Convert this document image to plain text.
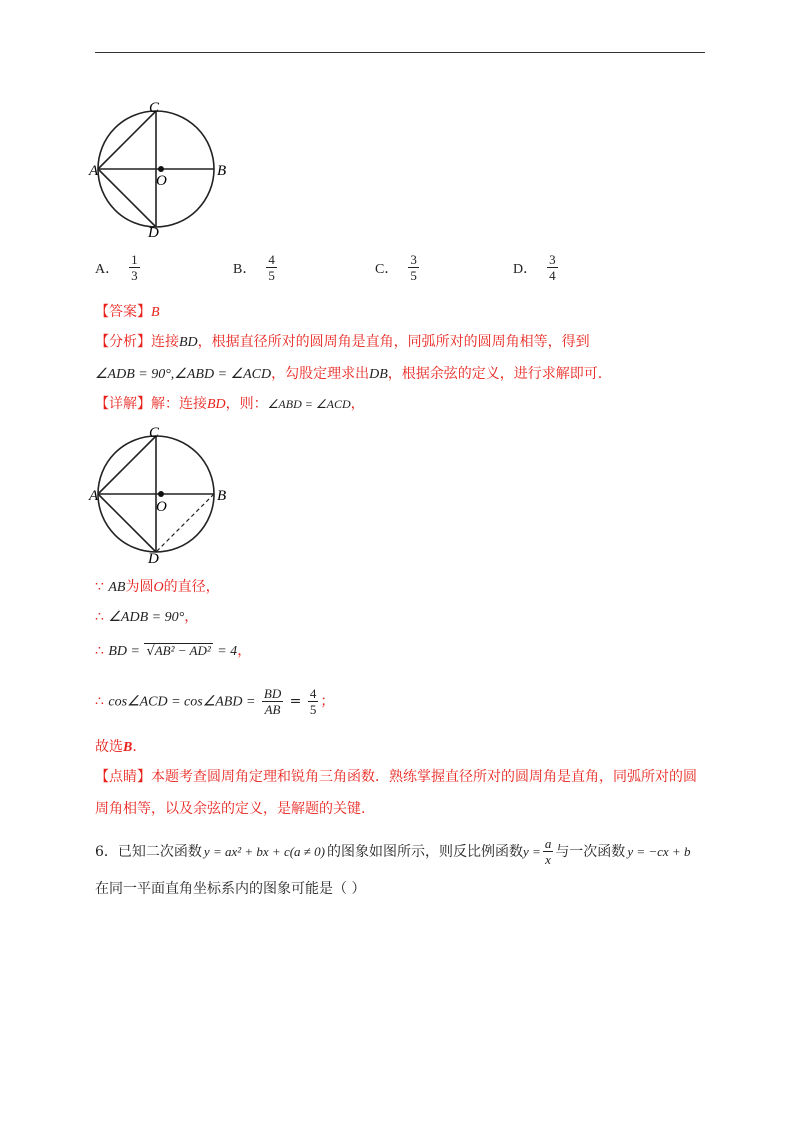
C
A	B
O
D
A． $\frac{1}{3}$	B． $\frac{4}{5}$	C． $\frac{3}{5}$	D． $\frac{3}{4}$
【答案】B
【分析】连接BD，根据直径所对的圆周角是直角，同弧所对的圆周角相等，得到
∠ADB = 90°,∠ABD = ∠ACD，勾股定理求出DB，根据余弦的定义，进行求解即可.
【详解】解：连接BD，则：∠ABD = ∠ACD，
C
A	B
O
D
∵ AB为圆O的直径，
∴ ∠ADB = 90°，
∴ BD = √AB² − AD² = 4，
∴ cos∠ACD = cos∠ABD = $\frac{BD}{AB} = \frac{4}{5}$ ；
故选B.
【点睛】本题考查圆周角定理和锐角三角函数．熟练掌握直径所对的圆周角是直角，同弧所对的圆
周角相等，以及余弦的定义，是解题的关键.
6．已知二次函数 y = ax² + bx + c(a ≠ 0) 的图象如图所示，则反比例函数 $y = \frac{a}{x}$ 与一次函数 y = −cx + b
在同一平面直角坐标系内的图象可能是（ ）
